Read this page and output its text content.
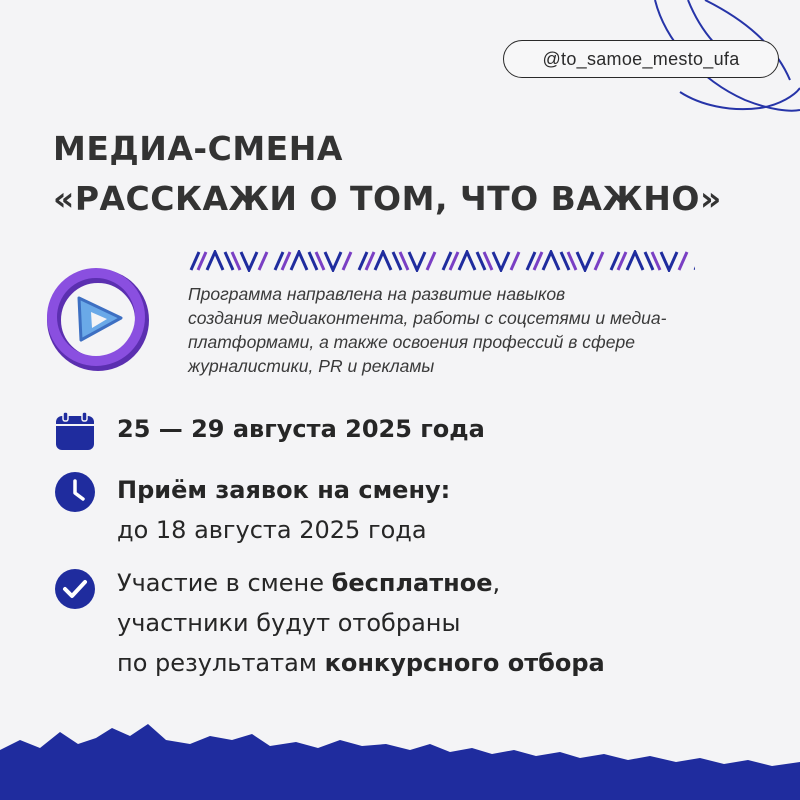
@to_samoe_mesto_ufa
МЕДИА-СМЕНА
«РАССКАЖИ О ТОМ, ЧТО ВАЖНО»
Программа направлена на развитие навыков
создания медиаконтента, работы с соцсетями и медиа-
платформами, а также освоения профессий в сфере
журналистики, PR и рекламы
25 — 29 августа 2025 года
Приём заявок на смену:
до 18 августа 2025 года
Участие в смене бесплатное,
участники будут отобраны
по результатам конкурсного отбора
